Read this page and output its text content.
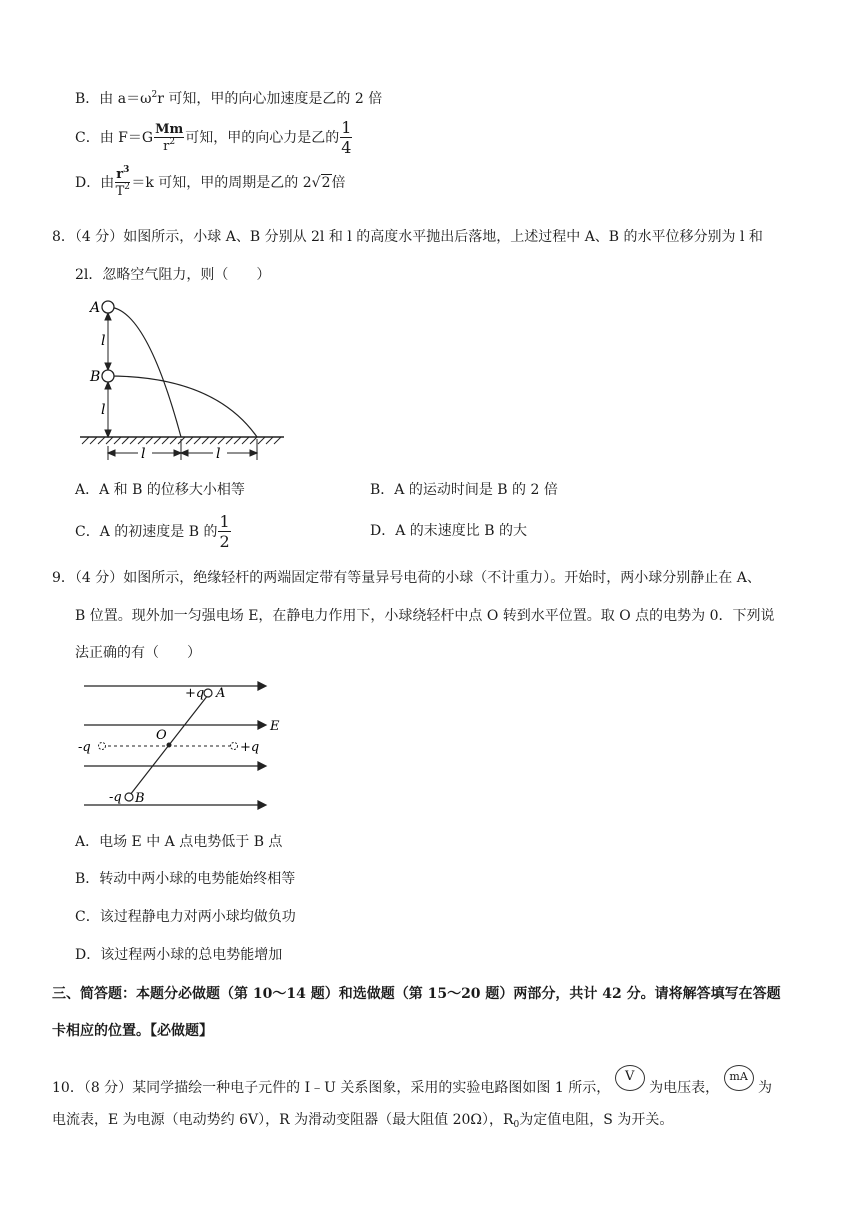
B．由 $a=\omega^2r$ 可知，甲的向心加速度是乙的 2 倍
C．由 $F=G \frac{Mm}{r^2}$ 可知，甲的向心力是乙的 $\frac{1}{4}$
D．由 $\frac{r^3}{T^2} =k$ 可知，甲的周期是乙的 2√2倍
8．（4 分）如图所示，小球 A、B 分别从 2l 和 l 的高度水平抛出后落地，上述过程中 A、B 的水平位移分别为 l 和
2l．忽略空气阻力，则（　　）
A
B
l
l
l	l
A．A 和 B 的位移大小相等	B．A 的运动时间是 B 的 2 倍
C．A 的初速度是 B 的 $\frac{1}{2}$	D．A 的末速度比 B 的大
9．（4 分）如图所示，绝缘轻杆的两端固定带有等量异号电荷的小球（不计重力）。开始时，两小球分别静止在 A、
B 位置。现外加一匀强电场 E，在静电力作用下，小球绕轻杆中点 O 转到水平位置。取 O 点的电势为 0．下列说
法正确的有（　　）
+q A
E
-q
O
+q
-q B
A．电场 E 中 A 点电势低于 B 点
B．转动中两小球的电势能始终相等
C．该过程静电力对两小球均做负功
D．该过程两小球的总电势能增加
三、简答题：本题分必做题（第 10～14 题）和选做题（第 15～20 题）两部分，共计 42 分。请将解答填写在答题
卡相应的位置。【必做题】
10．（8 分）某同学描绘一种电子元件的 I﹣U 关系图象，采用的实验电路图如图 1 所示， V 为电压表， mA 为
电流表，E 为电源（电动势约 6V），R 为滑动变阻器（最大阻值 20Ω），$R_0$为定值电阻，S 为开关。
